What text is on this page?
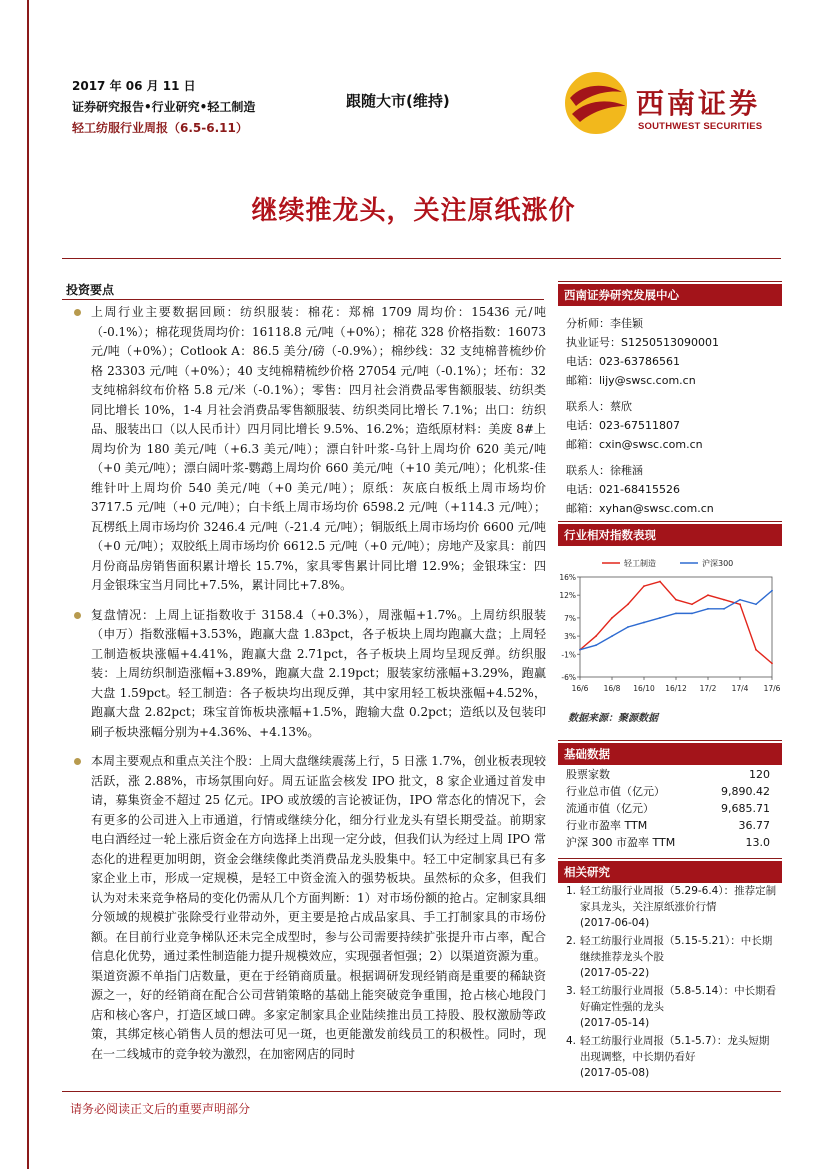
2017 年 06 月 11 日
证券研究报告•行业研究•轻工制造
轻工纺服行业周报（6.5-6.11）
跟随大市(维持)	西南证券
SOUTHWEST SECURITIES
继续推龙头，关注原纸涨价
投资要点
上周行业主要数据回顾：纺织服装：棉花：郑棉 1709 周均价：15436 元/吨（-0.1%）；棉花现货周均价：16118.8 元/吨（+0%）；棉花 328 价格指数：16073 元/吨（+0%）；Cotlook A：86.5 美分/磅（-0.9%）；棉纱线：32 支纯棉普梳纱价格 23303 元/吨（+0%）；40 支纯棉精梳纱价格 27054 元/吨（-0.1%）；坯布：32 支纯棉斜纹布价格 5.8 元/米（-0.1%）；零售：四月社会消费品零售额服装、纺织类同比增长 10%，1-4 月社会消费品零售额服装、纺织类同比增长 7.1%；出口：纺织品、服装出口（以人民币计）四月同比增长 9.5%、16.2%；造纸原材料：美废 8#上周均价为 180 美元/吨（+6.3 美元/吨）；漂白针叶浆-乌针上周均价 620 美元/吨（+0 美元/吨）；漂白阔叶浆-鹦鹉上周均价 660 美元/吨（+10 美元/吨）；化机浆-佳维针叶上周均价 540 美元/吨（+0 美元/吨）；原纸：灰底白板纸上周市场均价 3717.5 元/吨（+0 元/吨）；白卡纸上周市场均价 6598.2 元/吨（+114.3 元/吨）；瓦楞纸上周市场均价 3246.4 元/吨（-21.4 元/吨）；铜版纸上周市场均价 6600 元/吨（+0 元/吨）；双胶纸上周市场均价 6612.5 元/吨（+0 元/吨）；房地产及家具：前四月份商品房销售面积累计增长 15.7%，家具零售累计同比增 12.9%；金银珠宝：四月金银珠宝当月同比+7.5%，累计同比+7.8%。
复盘情况：上周上证指数收于 3158.4（+0.3%），周涨幅+1.7%。上周纺织服装（申万）指数涨幅+3.53%，跑赢大盘 1.83pct，各子板块上周均跑赢大盘；上周轻工制造板块涨幅+4.41%，跑赢大盘 2.71pct，各子板块上周均呈现反弹。纺织服装：上周纺织制造涨幅+3.89%，跑赢大盘 2.19pct；服装家纺涨幅+3.29%，跑赢大盘 1.59pct。轻工制造：各子板块均出现反弹，其中家用轻工板块涨幅+4.52%，跑赢大盘 2.82pct；珠宝首饰板块涨幅+1.5%，跑输大盘 0.2pct；造纸以及包装印刷子板块涨幅分别为+4.36%、+4.13%。
本周主要观点和重点关注个股：上周大盘继续震荡上行，5 日涨 1.7%，创业板表现较活跃，涨 2.88%，市场氛围向好。周五证监会核发 IPO 批文，8 家企业通过首发申请，募集资金不超过 25 亿元。IPO 或放缓的言论被证伪，IPO 常态化的情况下，会有更多的公司进入上市通道，行情或继续分化，细分行业龙头有望长期受益。前期家电白酒经过一轮上涨后资金在方向选择上出现一定分歧，但我们认为经过上周 IPO 常态化的进程更加明朗，资金会继续像此类消费品龙头股集中。轻工中定制家具已有多家企业上市，形成一定规模，是轻工中资金流入的强势板块。虽然标的众多，但我们认为对未来竞争格局的变化仍需从几个方面判断：1）对市场份额的抢占。定制家具细分领域的规模扩张除受行业带动外，更主要是抢占成品家具、手工打制家具的市场份额。在目前行业竞争梯队还未完全成型时，参与公司需要持续扩张提升市占率，配合信息化优势，通过柔性制造能力提升规模效应，实现强者恒强；2）以渠道资源为重。渠道资源不单指门店数量，更在于经销商质量。根据调研发现经销商是重要的稀缺资源之一，好的经销商在配合公司营销策略的基础上能突破竞争重围，抢占核心地段门店和核心客户，打造区域口碑。多家定制家具企业陆续推出员工持股、股权激励等政策，其绑定核心销售人员的想法可见一斑，也更能激发前线员工的积极性。同时，现在一二线城市的竞争较为激烈，在加密网店的同时
西南证券研究发展中心
分析师：李佳颖
执业证号：S1250513090001
电话：023-63786561
邮箱：lijy@swsc.com.cn
联系人：蔡欣
电话：023-67511807
邮箱：cxin@swsc.com.cn
联系人：徐稚涵
电话：021-68415526
邮箱：xyhan@swsc.com.cn
行业相对指数表现
16%
12%
7%
3%
-1%
-6%
16/6 16/8 16/10 16/12 17/2 17/4 17/6
轻工制造	沪深300
数据来源：聚源数据
基础数据
股票家数	120
行业总市值（亿元）	9,890.42
流通市值（亿元）	9,685.71
行业市盈率 TTM	36.77
沪深 300 市盈率 TTM	13.0
相关研究
1. 轻工纺服行业周报（5.29-6.4）：推荐定制家具龙头，关注原纸涨价行情
(2017-06-04)
2. 轻工纺服行业周报（5.15-5.21）：中长期继续推荐龙头个股
(2017-05-22)
3. 轻工纺服行业周报（5.8-5.14）：中长期看好确定性强的龙头
(2017-05-14)
4. 轻工纺服行业周报（5.1-5.7）：龙头短期出现调整，中长期仍看好
(2017-05-08)
请务必阅读正文后的重要声明部分
